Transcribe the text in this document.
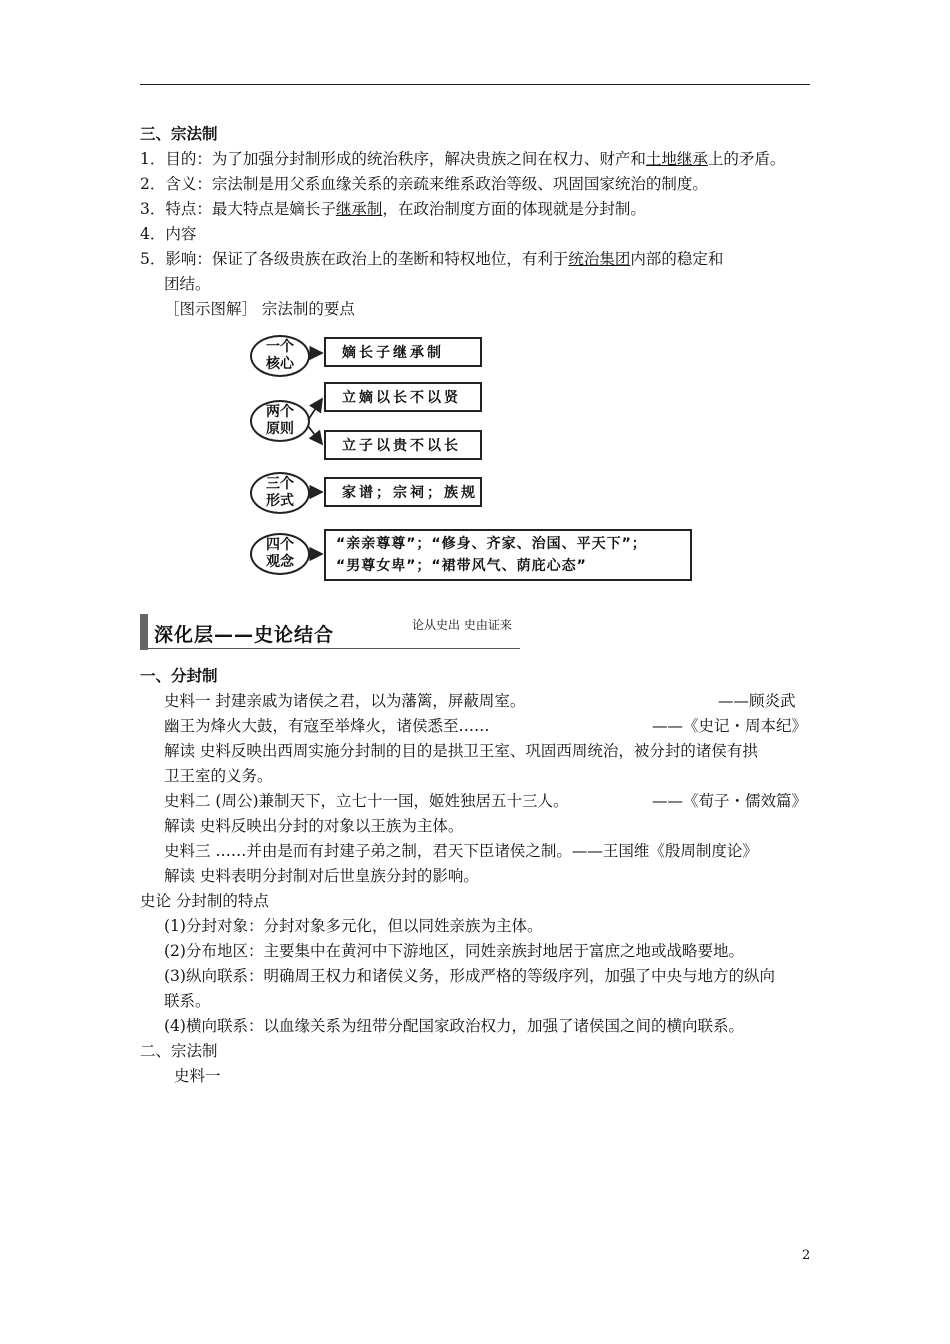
三、宗法制
1．目的：为了加强分封制形成的统治秩序，解决贵族之间在权力、财产和土地继承上的矛盾。
2．含义：宗法制是用父系血缘关系的亲疏来维系政治等级、巩固国家统治的制度。
3．特点：最大特点是嫡长子继承制，在政治制度方面的体现就是分封制。
4．内容
5．影响：保证了各级贵族在政治上的垄断和特权地位，有利于统治集团内部的稳定和
团结。
［图示图解］ 宗法制的要点
一个
核心
两个
原则
三个
形式
四个
观念
嫡长子继承制
立嫡以长不以贤
立子以贵不以长
家谱；宗祠；族规
“亲亲尊尊”；“修身、齐家、治国、平天下”；
“男尊女卑”；“裙带风气、荫庇心态”
深化层——史论结合	论从史出 史由证来
一、分封制
史料一 封建亲戚为诸侯之君，以为藩篱，屏蔽周室。	——顾炎武
幽王为烽火大鼓，有寇至举烽火，诸侯悉至……	——《史记・周本纪》
解读 史料反映出西周实施分封制的目的是拱卫王室、巩固西周统治，被分封的诸侯有拱
卫王室的义务。
史料二 (周公)兼制天下，立七十一国，姬姓独居五十三人。	——《荀子・儒效篇》
解读 史料反映出分封的对象以王族为主体。
史料三 ……并由是而有封建子弟之制，君天下臣诸侯之制。——王国维《殷周制度论》
解读 史料表明分封制对后世皇族分封的影响。
史论 分封制的特点
(1)分封对象：分封对象多元化，但以同姓亲族为主体。
(2)分布地区：主要集中在黄河中下游地区，同姓亲族封地居于富庶之地或战略要地。
(3)纵向联系：明确周王权力和诸侯义务，形成严格的等级序列，加强了中央与地方的纵向
联系。
(4)横向联系：以血缘关系为纽带分配国家政治权力，加强了诸侯国之间的横向联系。
二、宗法制
史料一
2
